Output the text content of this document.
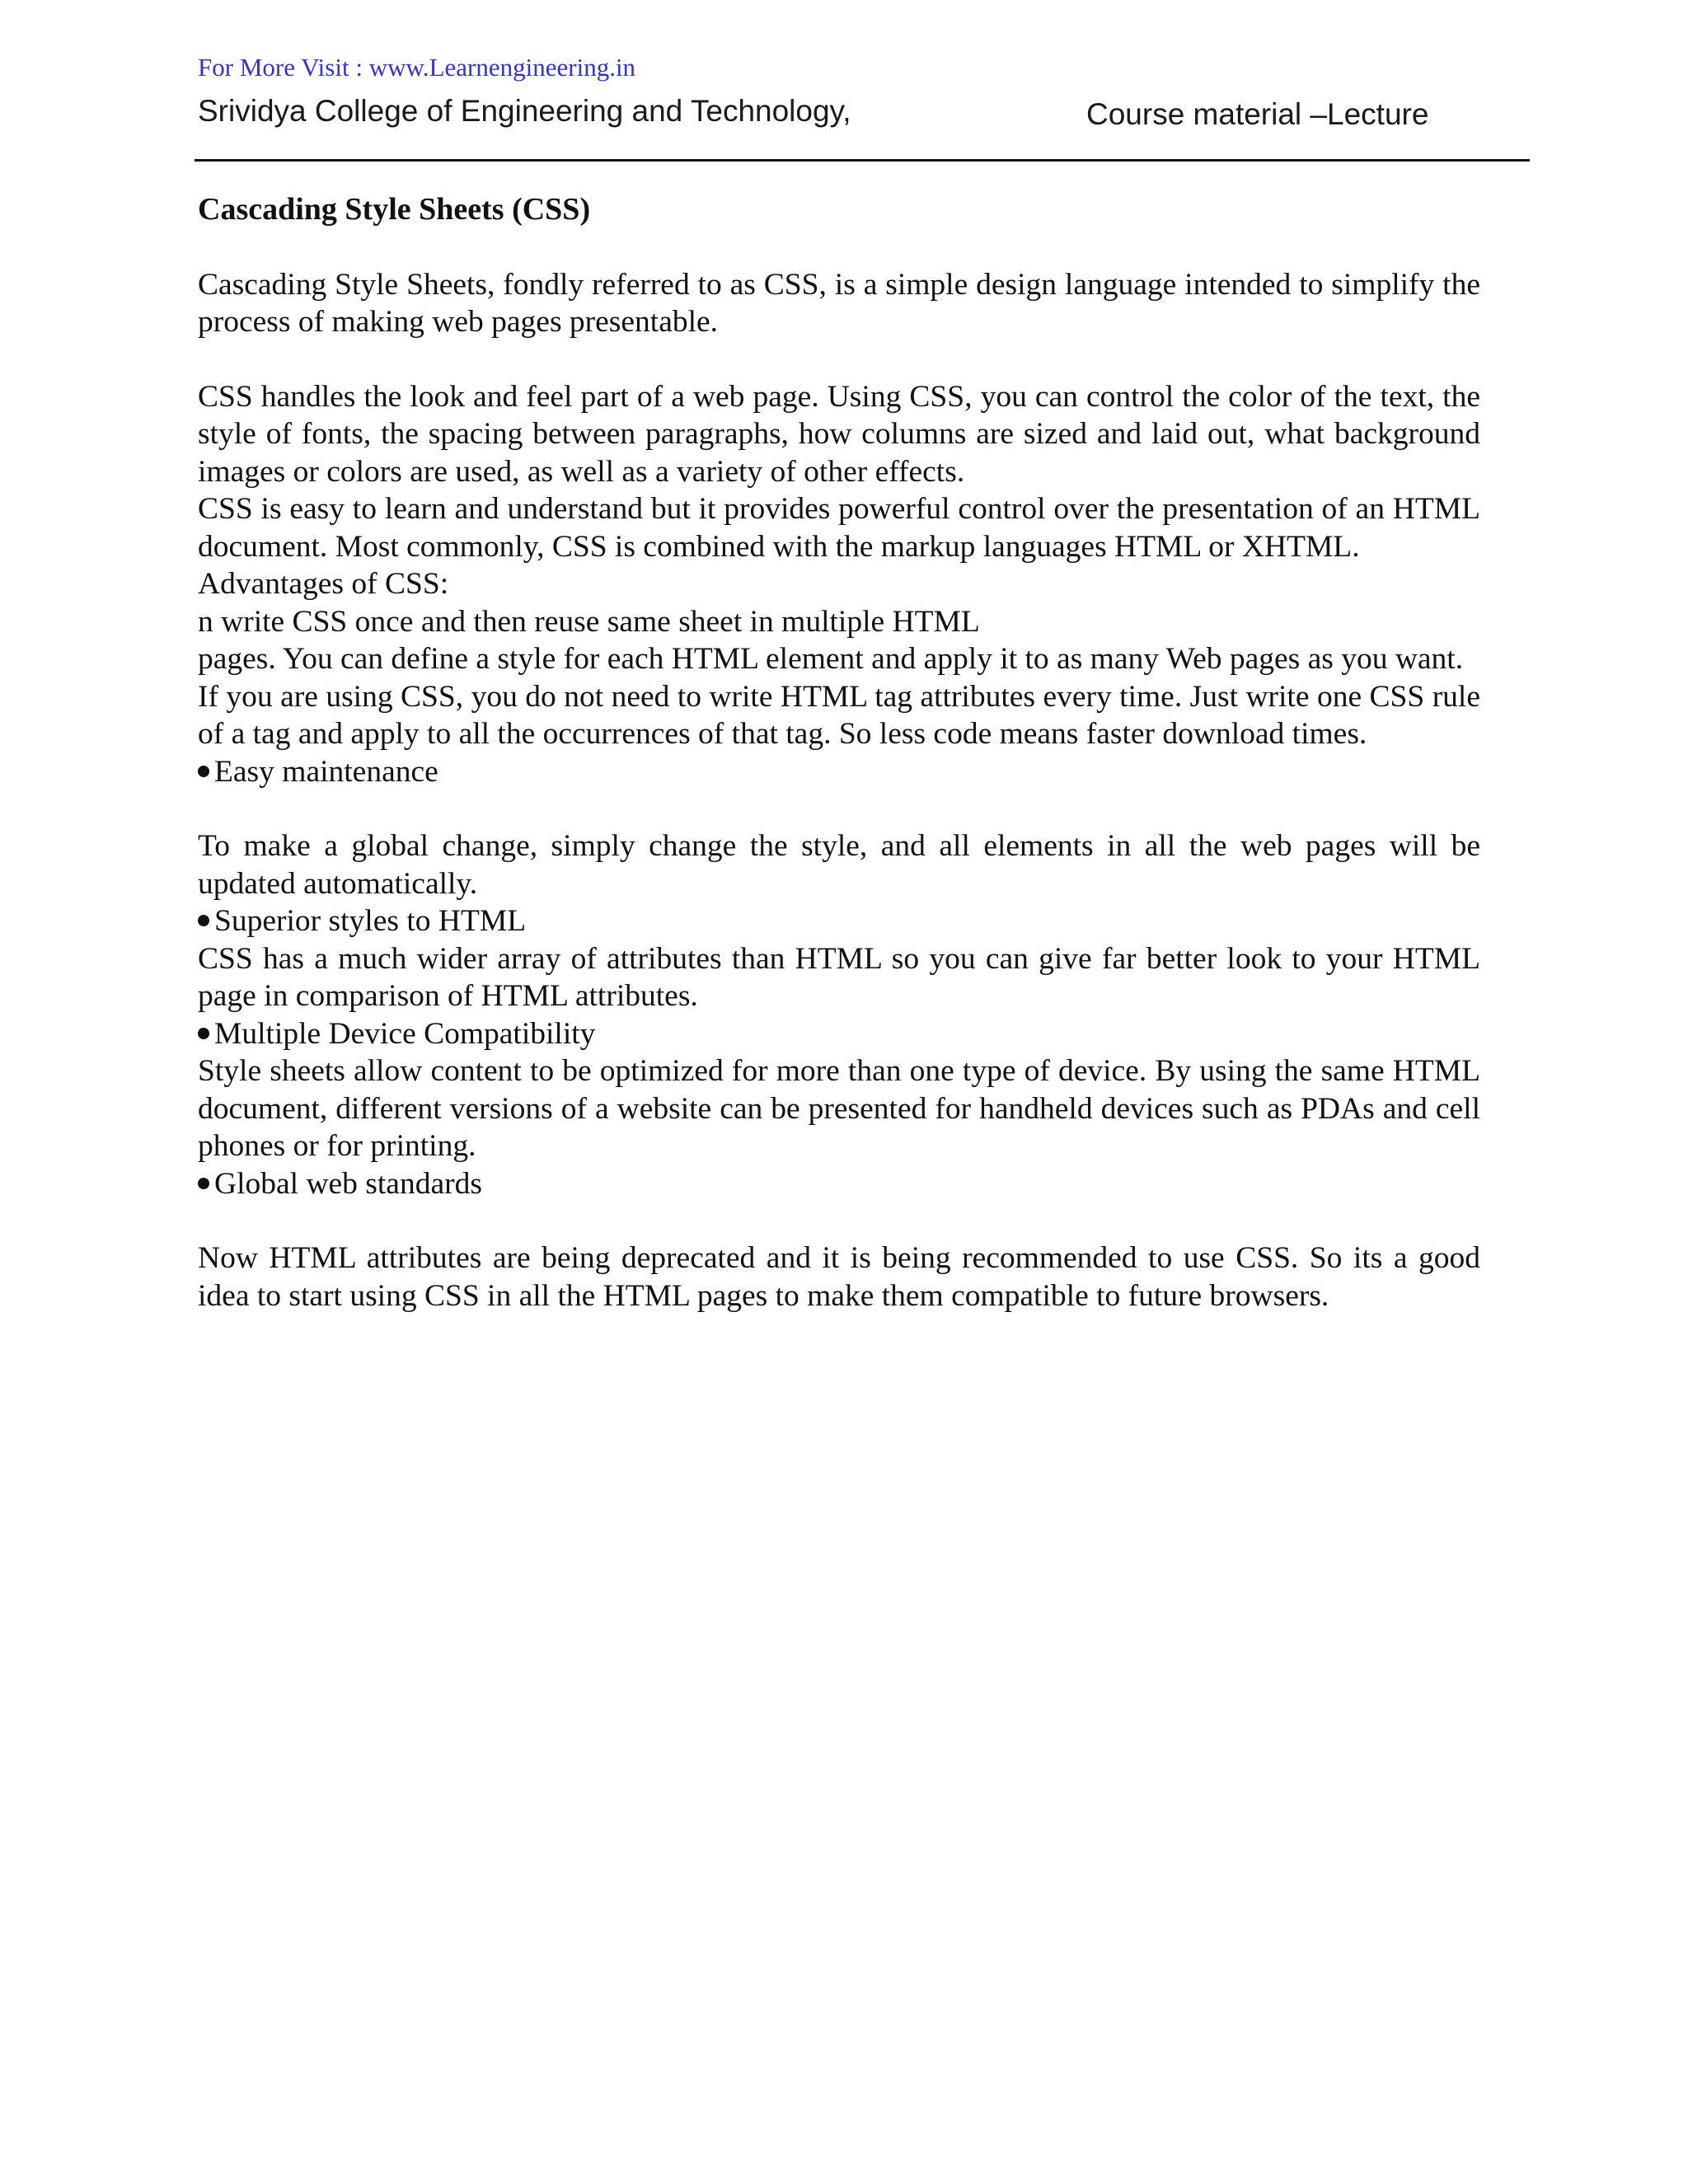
For More Visit : www.Learnengineering.in
Srividya College of Engineering and Technology,	Course material –Lecture

Cascading Style Sheets (CSS)

Cascading Style Sheets, fondly referred to as CSS, is a simple design language intended to simplify the process of making web pages presentable.

CSS handles the look and feel part of a web page. Using CSS, you can control the color of the text, the style of fonts, the spacing between paragraphs, how columns are sized and laid out, what background images or colors are used, as well as a variety of other effects.

CSS is easy to learn and understand but it provides powerful control over the presentation of an HTML document. Most commonly, CSS is combined with the markup languages HTML or XHTML.

Advantages of CSS:

n write CSS once and then reuse same sheet in multiple HTML

pages. You can define a style for each HTML element and apply it to as many Web pages as you want.

If you are using CSS, you do not need to write HTML tag attributes every time. Just write one CSS rule of a tag and apply to all the occurrences of that tag. So less code means faster download times.

Easy maintenance

To make a global change, simply change the style, and all elements in all the web pages will be updated automatically.

Superior styles to HTML

CSS has a much wider array of attributes than HTML so you can give far better look to your HTML page in comparison of HTML attributes.

Multiple Device Compatibility

Style sheets allow content to be optimized for more than one type of device. By using the same HTML document, different versions of a website can be presented for handheld devices such as PDAs and cell phones or for printing.

Global web standards

Now HTML attributes are being deprecated and it is being recommended to use CSS. So its a good idea to start using CSS in all the HTML pages to make them compatible to future browsers.
